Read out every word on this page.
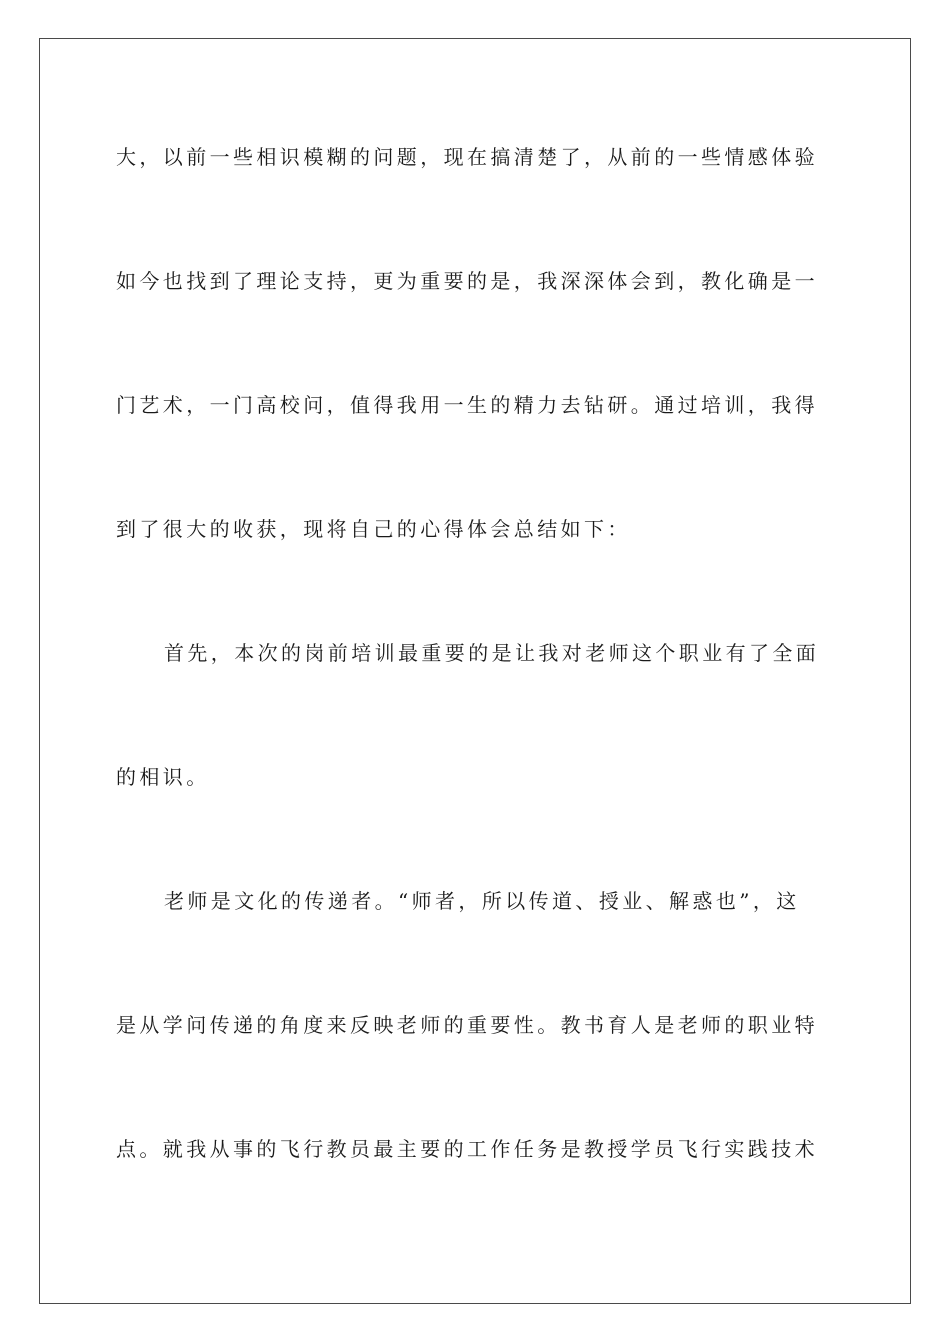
大，以前一些相识模糊的问题，现在搞清楚了，从前的一些情感体验
如今也找到了理论支持，更为重要的是，我深深体会到，教化确是一
门艺术，一门高校问，值得我用一生的精力去钻研。通过培训，我得
到了很大的收获，现将自己的心得体会总结如下：
首先，本次的岗前培训最重要的是让我对老师这个职业有了全面
的相识。
老师是文化的传递者。“师者，所以传道、授业、解惑也”，这
是从学问传递的角度来反映老师的重要性。教书育人是老师的职业特
点。就我从事的飞行教员最主要的工作任务是教授学员飞行实践技术
